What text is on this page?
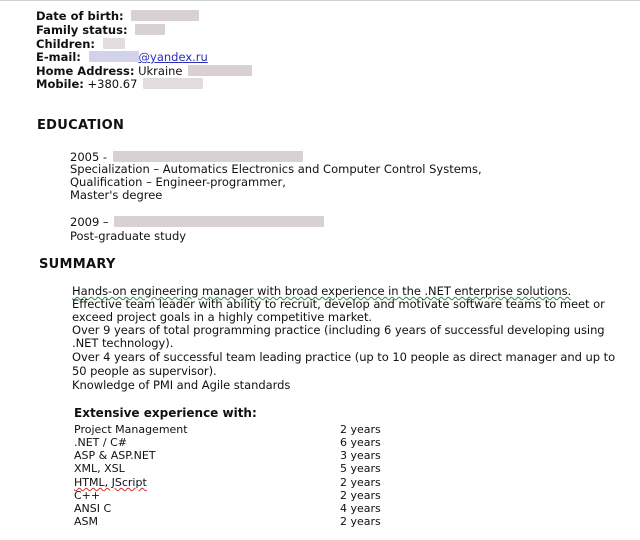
Date of birth:
Family status:
Children:
E-mail:	@yandex.ru
Home Address: Ukraine
Mobile: +380.67
EDUCATION
2005 -
Specialization – Automatics Electronics and Computer Control Systems,
Qualification – Engineer-programmer,
Master's degree
2009 –
Post-graduate study
SUMMARY
Hands-on engineering manager with broad experience in the .NET enterprise solutions.
Effective team leader with ability to recruit, develop and motivate software teams to meet or
exceed project goals in a highly competitive market.
Over 9 years of total programming practice (including 6 years of successful developing using
.NET technology).
Over 4 years of successful team leading practice (up to 10 people as direct manager and up to
50 people as supervisor).
Knowledge of PMI and Agile standards
Extensive experience with:
Project Management	2 years
.NET / C#	6 years
ASP & ASP.NET	3 years
XML, XSL	5 years
HTML, JScript	2 years
C++	2 years
ANSI C	4 years
ASM	2 years
